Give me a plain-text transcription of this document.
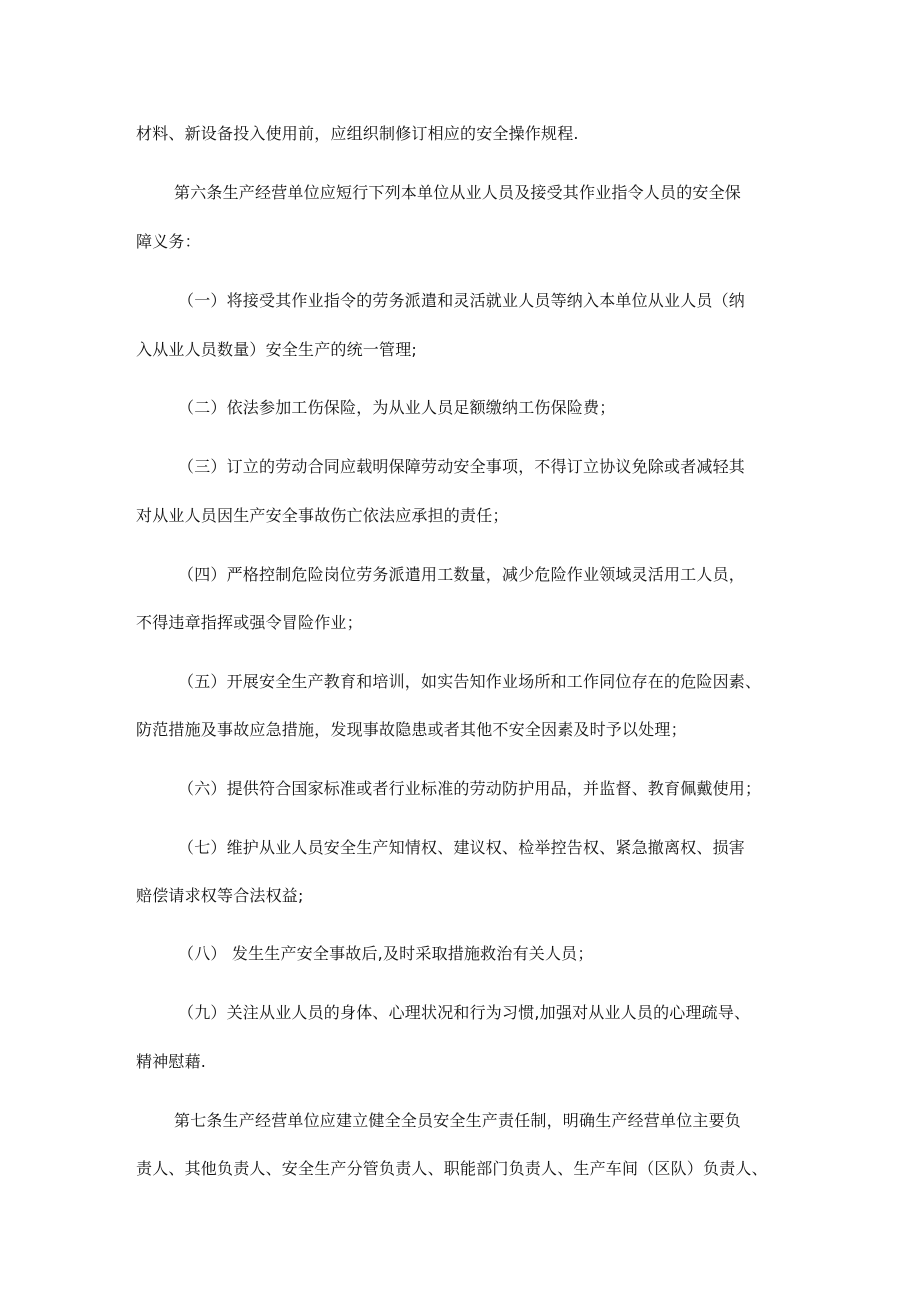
材料、新设备投入使用前，应组织制修订相应的安全操作规程.
第六条生产经营单位应短行下列本单位从业人员及接受其作业指令人员的安全保
障义务：
（一）将接受其作业指令的劳务派遣和灵活就业人员等纳入本单位从业人员（纳
入从业人员数量）安全生产的统一管理;
（二）依法参加工伤保险，为从业人员足额缴纳工伤保险费；
（三）订立的劳动合同应载明保障劳动安全事项，不得订立协议免除或者减轻其
对从业人员因生产安全事故伤亡依法应承担的责任；
（四）严格控制危险岗位劳务派遣用工数量，减少危险作业领域灵活用工人员，
不得违章指挥或强令冒险作业；
（五）开展安全生产教育和培训，如实告知作业场所和工作同位存在的危险因素、
防范措施及事故应急措施，发现事故隐患或者其他不安全因素及时予以处理；
（六）提供符合国家标准或者行业标准的劳动防护用品，并监督、教育佩戴使用；
（七）维护从业人员安全生产知情权、建议权、检举控告权、紧急撤离权、损害
赔偿请求权等合法权益;
（八） 发生生产安全事故后,及时采取措施救治有关人员；
（九）关注从业人员的身体、心理状况和行为习惯,加强对从业人员的心理疏导、
精神慰藉.
第七条生产经营单位应建立健全全员安全生产责任制，明确生产经营单位主要负
责人、其他负责人、安全生产分管负责人、职能部门负责人、生产车间（区队）负责人、
